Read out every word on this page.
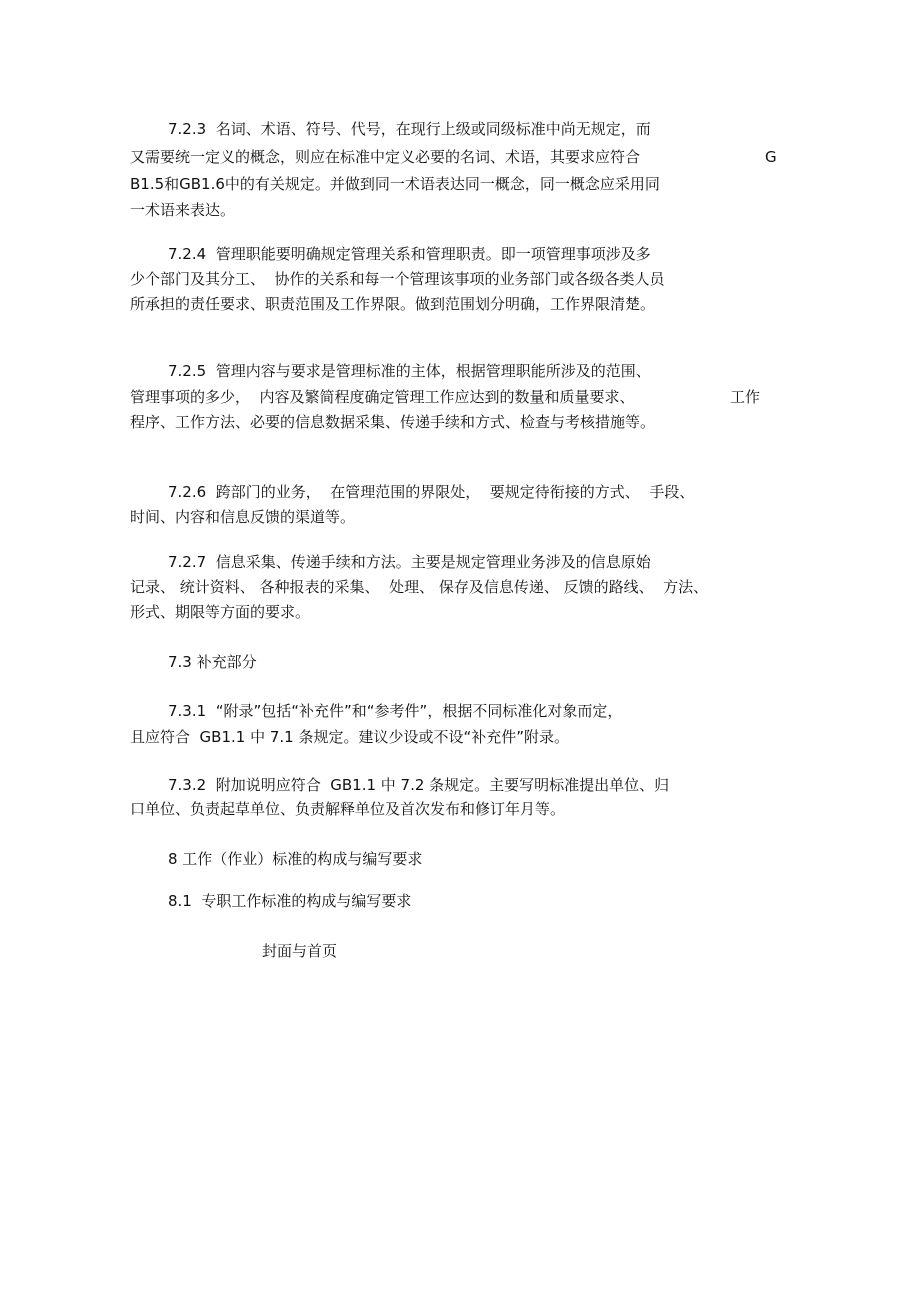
7.2.3  名词、术语、符号、代号，在现行上级或同级标准中尚无规定，而
又需要统一定义的概念，则应在标准中定义必要的名词、术语，其要求应符合	G
B1.5和GB1.6中的有关规定。并做到同一术语表达同一概念，同一概念应采用同
一术语来表达。
7.2.4  管理职能要明确规定管理关系和管理职责。即一项管理事项涉及多
少个部门及其分工、  协作的关系和每一个管理该事项的业务部门或各级各类人员
所承担的责任要求、职责范围及工作界限。做到范围划分明确，工作界限清楚。
7.2.5  管理内容与要求是管理标准的主体，根据管理职能所涉及的范围、
管理事项的多少，  内容及繁简程度确定管理工作应达到的数量和质量要求、	工作
程序、工作方法、必要的信息数据采集、传递手续和方式、检查与考核措施等。
7.2.6  跨部门的业务，  在管理范围的界限处，  要规定待衔接的方式、  手段、
时间、内容和信息反馈的渠道等。
7.2.7  信息采集、传递手续和方法。主要是规定管理业务涉及的信息原始
记录、 统计资料、 各种报表的采集、  处理、 保存及信息传递、 反馈的路线、  方法、
形式、期限等方面的要求。
7.3 补充部分
7.3.1  “附录”包括“补充件”和“参考件”，根据不同标准化对象而定，
且应符合  GB1.1 中 7.1 条规定。建议少设或不设“补充件”附录。
7.3.2  附加说明应符合  GB1.1 中 7.2 条规定。主要写明标准提出单位、归
口单位、负责起草单位、负责解释单位及首次发布和修订年月等。
8 工作（作业）标准的构成与编写要求
8.1  专职工作标准的构成与编写要求
封面与首页
